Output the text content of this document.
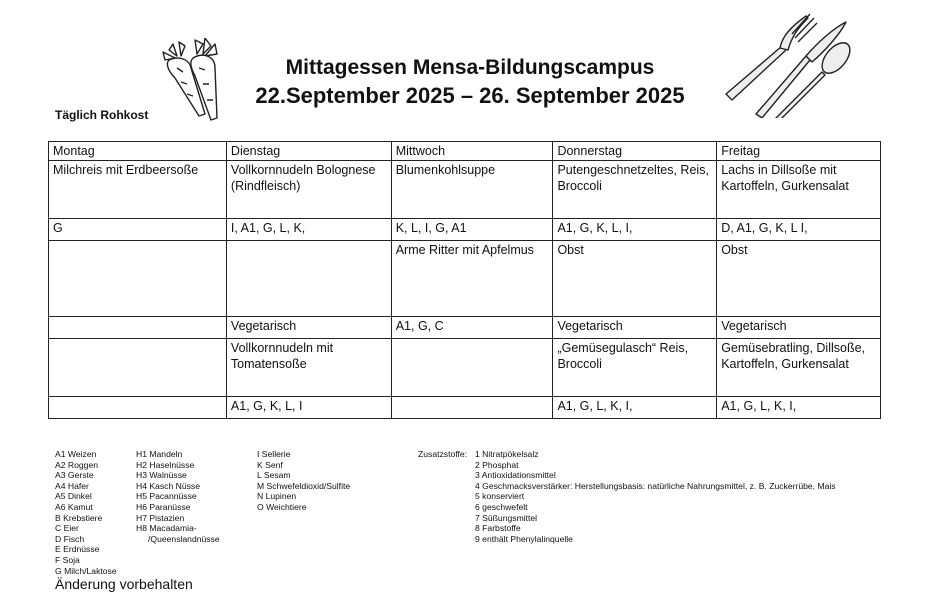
Mittagessen Mensa-Bildungscampus
22.September 2025 – 26. September 2025
Täglich Rohkost
Montag	Dienstag	Mittwoch	Donnerstag	Freitag
Milchreis mit Erdbeersoße	Vollkornnudeln Bolognese (Rindfleisch)	Blumenkohlsuppe	Putengeschnetzeltes, Reis, Broccoli	Lachs in Dillsoße mit Kartoffeln, Gurkensalat
G	I, A1, G, L, K,	K, L, I, G, A1	A1, G, K, L, I,	D, A1, G, K, L I,
		Arme Ritter mit Apfelmus	Obst	Obst
	Vegetarisch	A1, G, C	Vegetarisch	Vegetarisch
	Vollkornnudeln mit Tomatensoße		„Gemüsegulasch“ Reis, Broccoli	Gemüsebratling, Dillsoße, Kartoffeln, Gurkensalat
	A1, G, K, L, I		A1, G, L, K, I,	A1, G, L, K, I,
A1 Weizen
A2 Roggen
A3 Gerste
A4 Hafer
A5 Dinkel
A6 Kamut
B Krebstiere
C Eier
D Fisch
E Erdnüsse
F Soja
G Milch/Laktose
H1 Mandeln
H2 Haselnüsse
H3 Walnüsse
H4 Kasch Nüsse
H5 Pacannüsse
H6 Paranüsse
H7 Pistazien
H8 Macadamia-
/Queenslandnüsse
I Sellerie
K Senf
L Sesam
M Schwefeldioxid/Sulfite
N Lupinen
O Weichtiere
Zusatzstoffe: 1 Nitratpökelsalz
2 Phosphat
3 Antioxidationsmittel
4 Geschmacksverstärker: Herstellungsbasis: natürliche Nahrungsmittel, z. B. Zuckerrübe, Mais
5 konserviert
6 geschwefelt
7 Süßungsmittel
8 Farbstoffe
9 enthält Phenylalinquelle
Änderung vorbehalten
